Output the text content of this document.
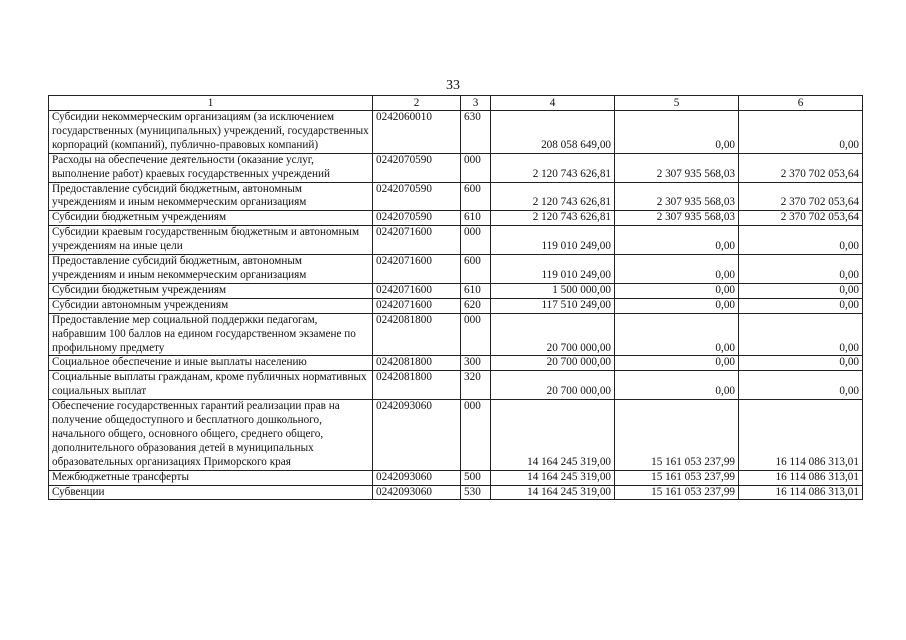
33
1	2	3	4	5	6
Субсидии некоммерческим организациям (за исключением государственных (муниципальных) учреждений, государственных корпораций (компаний), публично-правовых компаний)	0242060010	630	208 058 649,00	0,00	0,00
Расходы на обеспечение деятельности (оказание услуг, выполнение работ) краевых государственных учреждений	0242070590	000	2 120 743 626,81	2 307 935 568,03	2 370 702 053,64
Предоставление субсидий бюджетным, автономным учреждениям и иным некоммерческим организациям	0242070590	600	2 120 743 626,81	2 307 935 568,03	2 370 702 053,64
Субсидии бюджетным учреждениям	0242070590	610	2 120 743 626,81	2 307 935 568,03	2 370 702 053,64
Субсидии краевым государственным бюджетным и автономным учреждениям на иные цели	0242071600	000	119 010 249,00	0,00	0,00
Предоставление субсидий бюджетным, автономным учреждениям и иным некоммерческим организациям	0242071600	600	119 010 249,00	0,00	0,00
Субсидии бюджетным учреждениям	0242071600	610	1 500 000,00	0,00	0,00
Субсидии автономным учреждениям	0242071600	620	117 510 249,00	0,00	0,00
Предоставление мер социальной поддержки педагогам, набравшим 100 баллов на едином государственном экзамене по профильному предмету	0242081800	000	20 700 000,00	0,00	0,00
Социальное обеспечение и иные выплаты населению	0242081800	300	20 700 000,00	0,00	0,00
Социальные выплаты гражданам, кроме публичных нормативных социальных выплат	0242081800	320	20 700 000,00	0,00	0,00
Обеспечение государственных гарантий реализации прав на получение общедоступного и бесплатного дошкольного, начального общего, основного общего, среднего общего, дополнительного образования детей в муниципальных образовательных организациях Приморского края	0242093060	000	14 164 245 319,00	15 161 053 237,99	16 114 086 313,01
Межбюджетные трансферты	0242093060	500	14 164 245 319,00	15 161 053 237,99	16 114 086 313,01
Субвенции	0242093060	530	14 164 245 319,00	15 161 053 237,99	16 114 086 313,01
